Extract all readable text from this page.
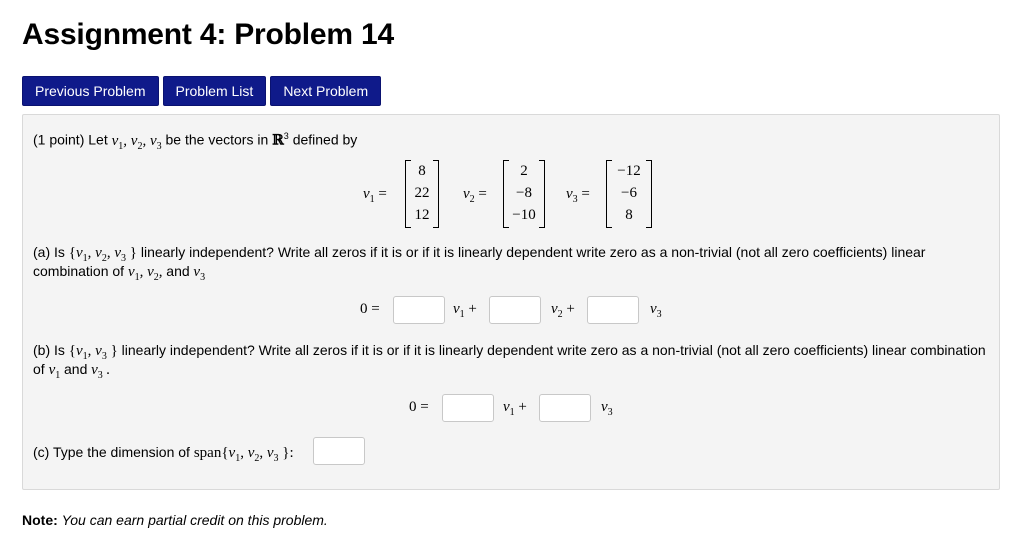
Assignment 4: Problem 14
Previous Problem	Problem List	Next Problem
(1 point) Let $v_1$, $v_2$, $v_3$ be the vectors in ℝ$^3$ defined by
$v_1$ =
8
22
12
$v_2$ =
2
−8
−10
$v_3$ =
−12
−6
8
(a) Is {$v_1$, $v_2$, $v_3$ } linearly independent? Write all zeros if it is or if it is linearly dependent write zero as a non-trivial (not all zero coefficients) linear
combination of $v_1$, $v_2$, and $v_3$
0 =	$v_1$ +	$v_2$ +	$v_3$
(b) Is {$v_1$, $v_3$ } linearly independent? Write all zeros if it is or if it is linearly dependent write zero as a non-trivial (not all zero coefficients) linear combination
of $v_1$ and $v_3$ .
0 =	$v_1$ +	$v_3$
(c) Type the dimension of $span\{v_1$, $v_2$, $v_3$ }:
Note: You can earn partial credit on this problem.
